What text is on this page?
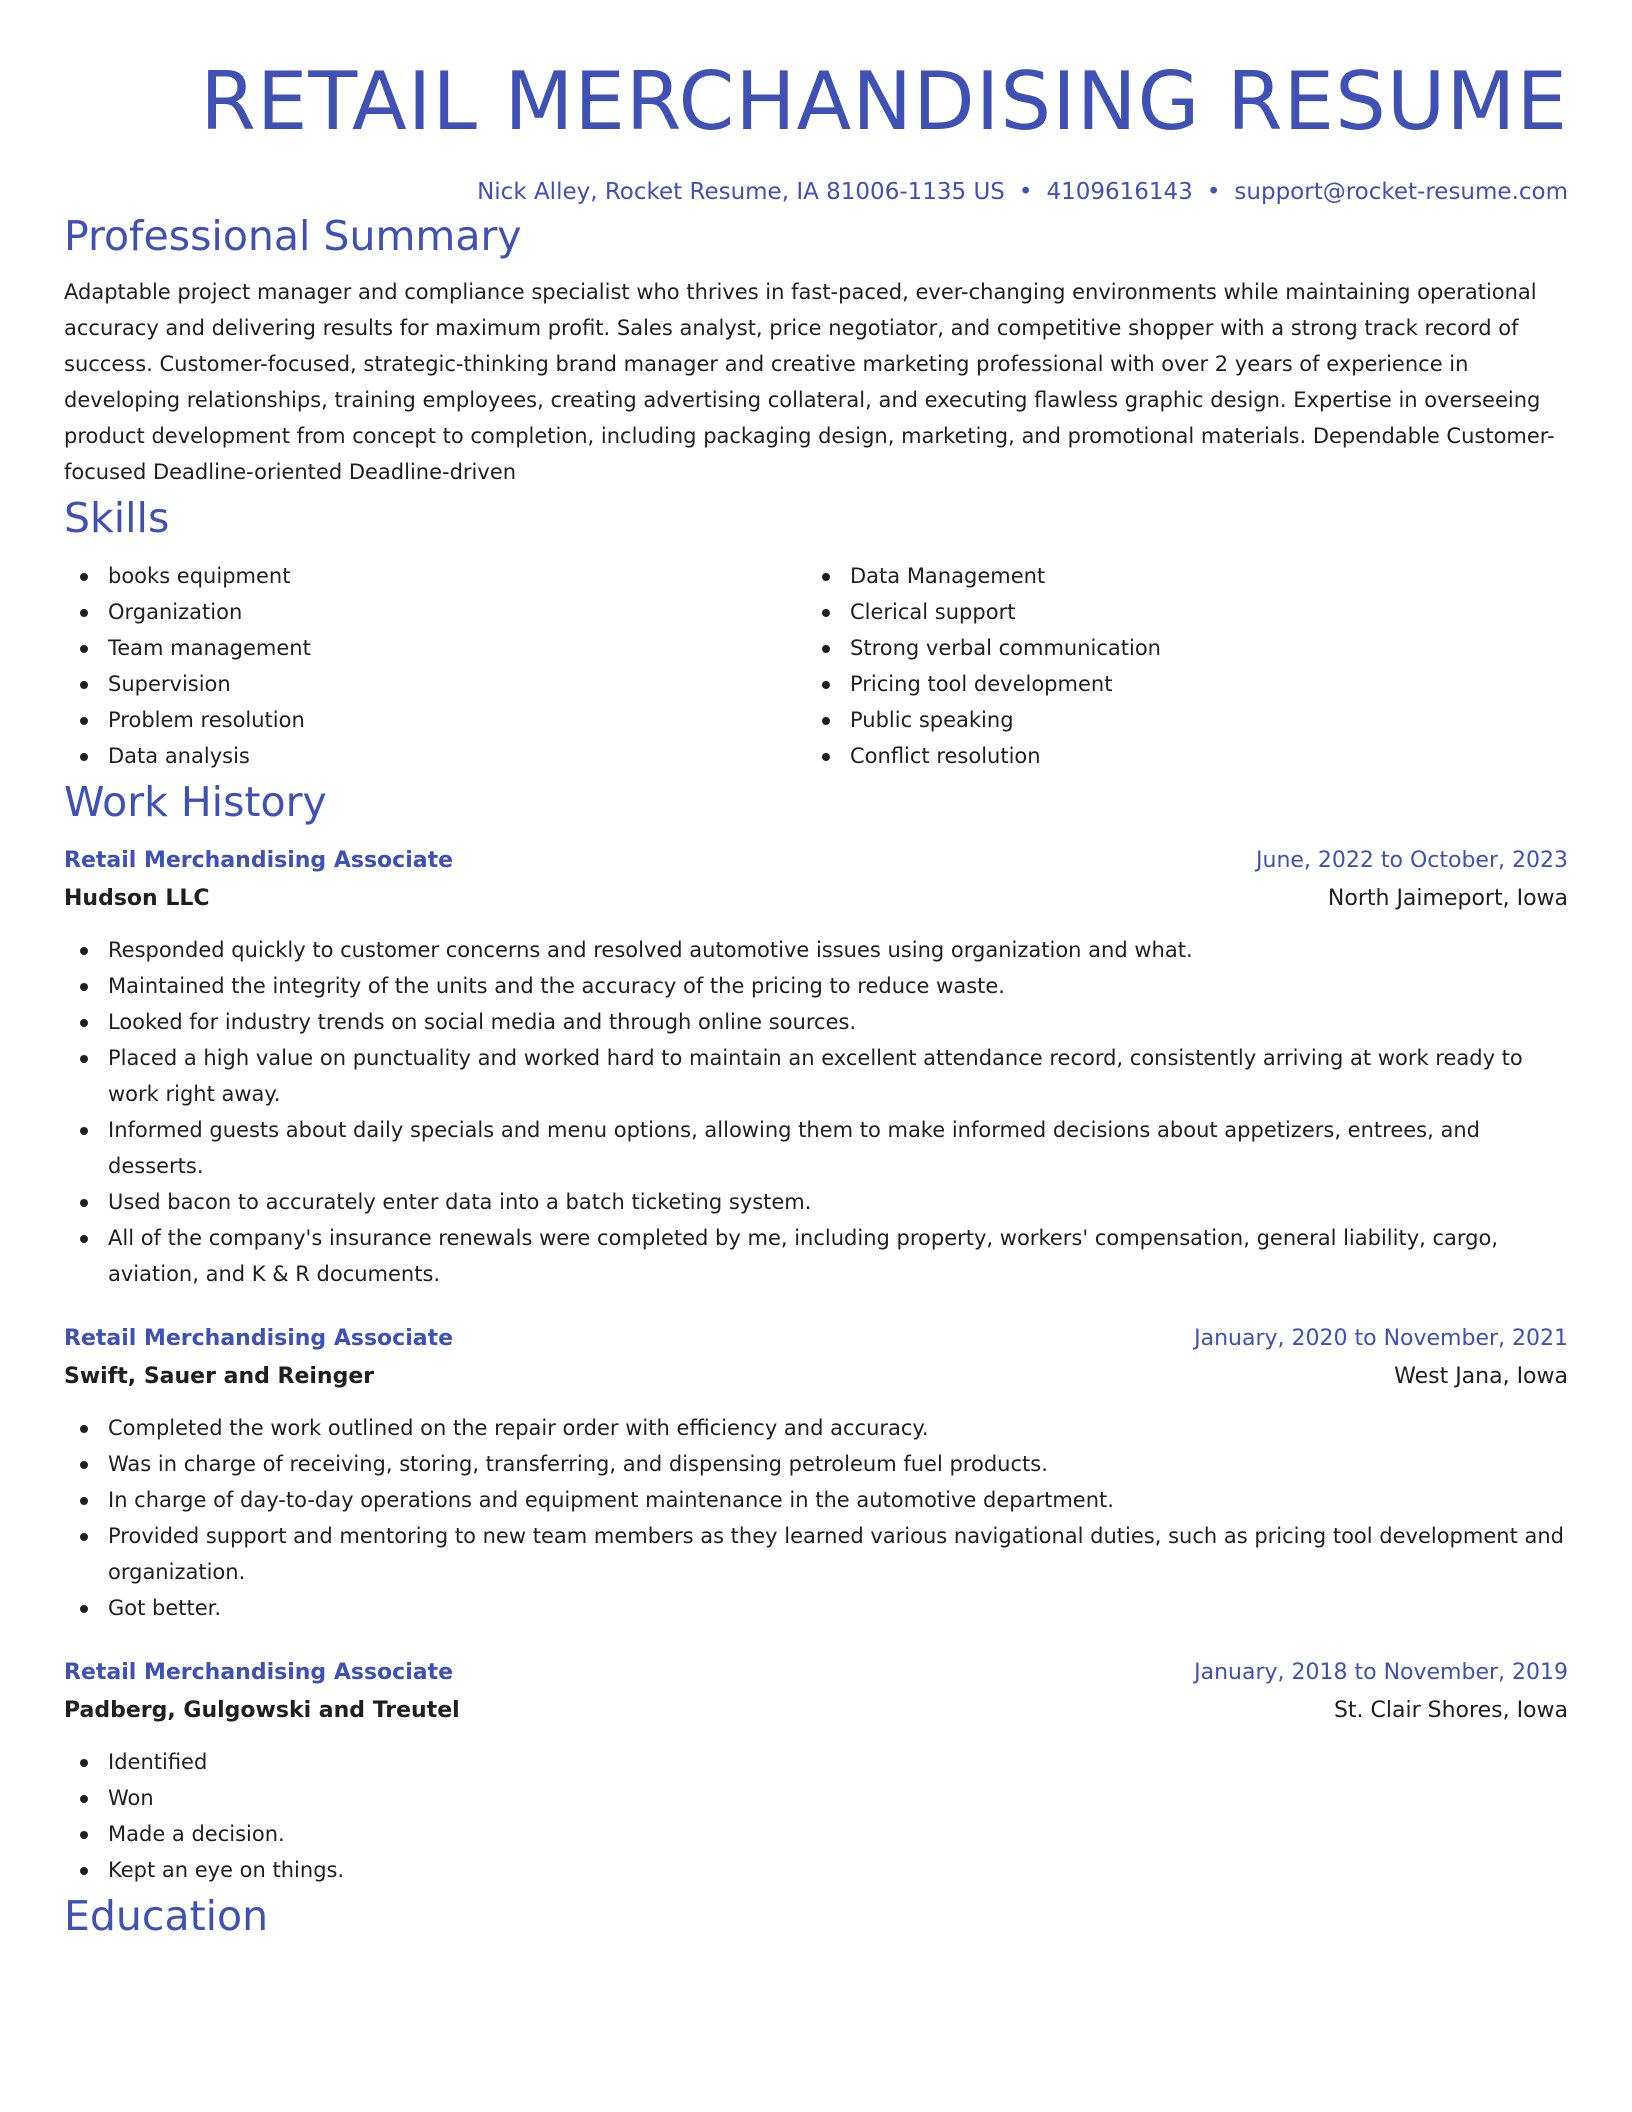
RETAIL MERCHANDISING RESUME
Nick Alley, Rocket Resume, IA 81006-1135 US • 4109616143 • support@rocket-resume.com
Professional Summary

Adaptable project manager and compliance specialist who thrives in fast-paced, ever-changing environments while maintaining operational accuracy and delivering results for maximum profit. Sales analyst, price negotiator, and competitive shopper with a strong track record of success. Customer-focused, strategic-thinking brand manager and creative marketing professional with over 2 years of experience in developing relationships, training employees, creating advertising collateral, and executing flawless graphic design. Expertise in overseeing product development from concept to completion, including packaging design, marketing, and promotional materials. Dependable Customer-focused Deadline-oriented Deadline-driven

Skills
books equipment
Organization
Team management
Supervision
Problem resolution
Data analysis
Data Management
Clerical support
Strong verbal communication
Pricing tool development
Public speaking
Conflict resolution
Work History
Retail Merchandising Associate	June, 2022 to October, 2023
Hudson LLC	North Jaimeport, Iowa
Responded quickly to customer concerns and resolved automotive issues using organization and what.
Maintained the integrity of the units and the accuracy of the pricing to reduce waste.
Looked for industry trends on social media and through online sources.
Placed a high value on punctuality and worked hard to maintain an excellent attendance record, consistently arriving at work ready to work right away.
Informed guests about daily specials and menu options, allowing them to make informed decisions about appetizers, entrees, and desserts.
Used bacon to accurately enter data into a batch ticketing system.
All of the company's insurance renewals were completed by me, including property, workers' compensation, general liability, cargo, aviation, and K & R documents.
Retail Merchandising Associate	January, 2020 to November, 2021
Swift, Sauer and Reinger	West Jana, Iowa
Completed the work outlined on the repair order with efficiency and accuracy.
Was in charge of receiving, storing, transferring, and dispensing petroleum fuel products.
In charge of day-to-day operations and equipment maintenance in the automotive department.
Provided support and mentoring to new team members as they learned various navigational duties, such as pricing tool development and organization.
Got better.
Retail Merchandising Associate	January, 2018 to November, 2019
Padberg, Gulgowski and Treutel	St. Clair Shores, Iowa
Identified
Won
Made a decision.
Kept an eye on things.
Education
